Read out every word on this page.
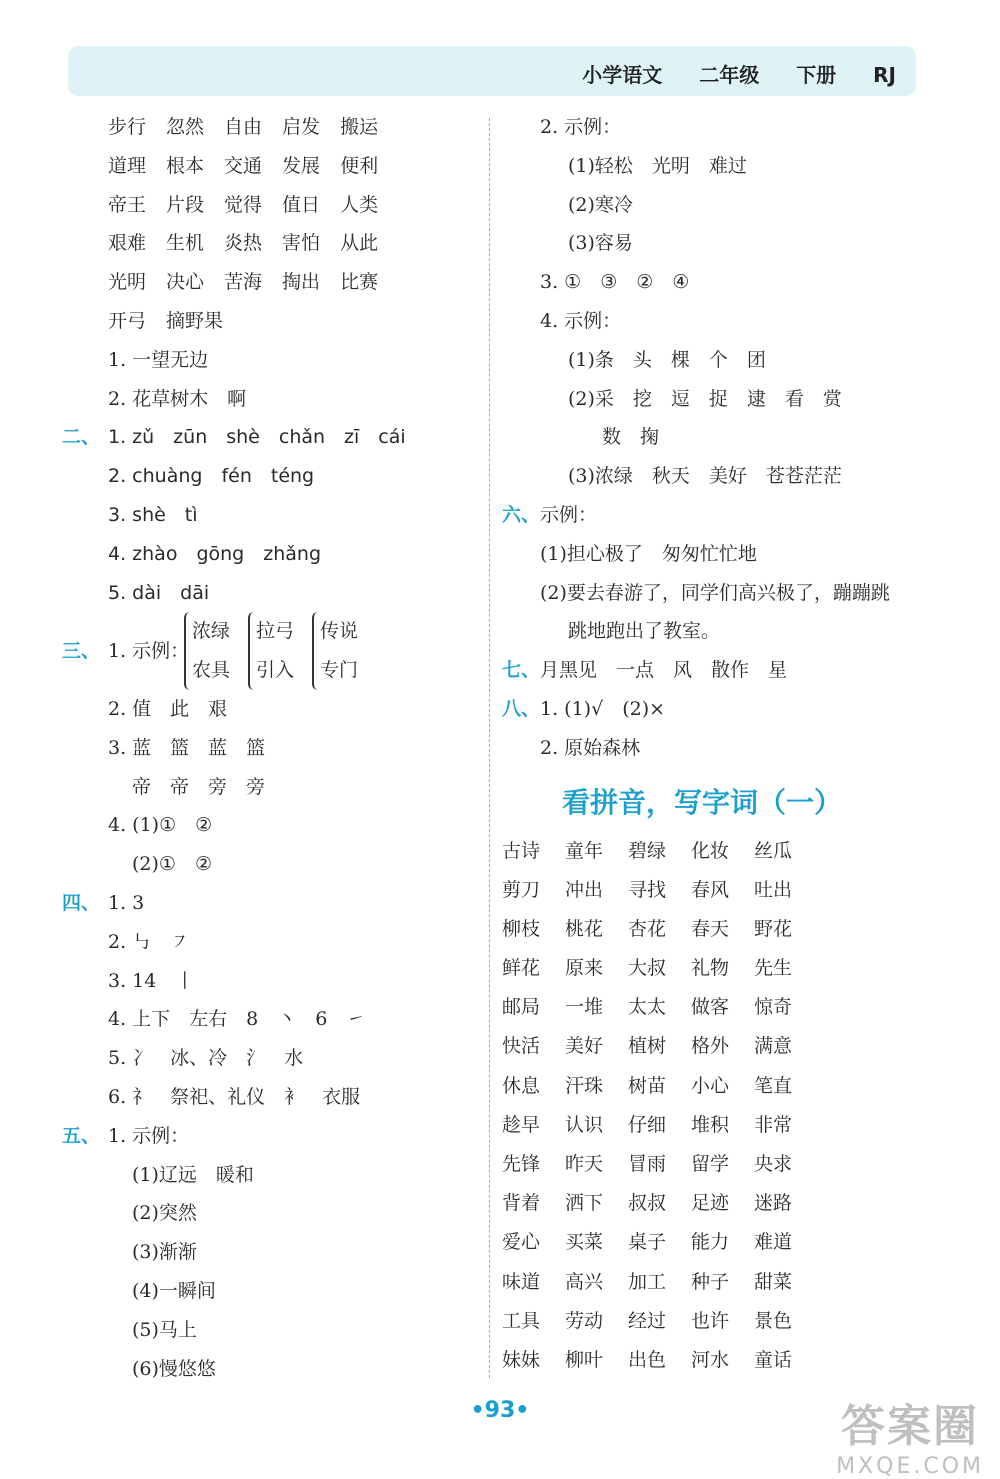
小学语文 二年级 下册 RJ
步行 忽然 自由 启发 搬运
道理 根本 交通 发展 便利
帝王 片段 觉得 值日 人类
艰难 生机 炎热 害怕 从此
光明 决心 苦海 掏出 比赛
开弓 摘野果
1. 一望无边
2. 花草树木　啊
二、 1. zǔ　zūn　shè　chǎn　zī　cái
2. chuàng　fén　téng
3. shè　tì
4. zhào　gōng　zhǎng
5. dài　dāi
三、 1. 示例：
浓绿
农具
拉弓
引入
传说
专门
2. 值　此　艰
3. 蓝　篮　蓝　篮
帝　帝　旁　旁
4. (1)①　②
(2)①　②
四、 1. 3
2. ㇉　㇇
3. 14　丨
4. 上下　左右　8　丶　6　㇀
5. 冫　冰、冷　氵　水
6. 礻　祭祀、礼仪　衤　衣服
五、 1. 示例：
(1)辽远　暖和
(2)突然
(3)渐渐
(4)一瞬间
(5)马上
(6)慢悠悠
2. 示例：
(1)轻松　光明　难过
(2)寒冷
(3)容易
3. ①　③　②　④
4. 示例：
(1)条　头　棵　个　团
(2)采　挖　逗　捉　逮　看　赏
数　掬
(3)浓绿　秋天　美好　苍苍茫茫
六、示例：
(1)担心极了　匆匆忙忙地
(2)要去春游了，同学们高兴极了，蹦蹦跳
跳地跑出了教室。
七、月黑见　一点　风　散作　星
八、1. (1)√　(2)×
2. 原始森林
看拼音，写字词（一）
古诗 童年 碧绿 化妆 丝瓜
剪刀 冲出 寻找 春风 吐出
柳枝 桃花 杏花 春天 野花
鲜花 原来 大叔 礼物 先生
邮局 一堆 太太 做客 惊奇
快活 美好 植树 格外 满意
休息 汗珠 树苗 小心 笔直
趁早 认识 仔细 堆积 非常
先锋 昨天 冒雨 留学 央求
背着 洒下 叔叔 足迹 迷路
爱心 买菜 桌子 能力 难道
味道 高兴 加工 种子 甜菜
工具 劳动 经过 也许 景色
妹妹 柳叶 出色 河水 童话
•93•	答案圈
MXQE.COM
